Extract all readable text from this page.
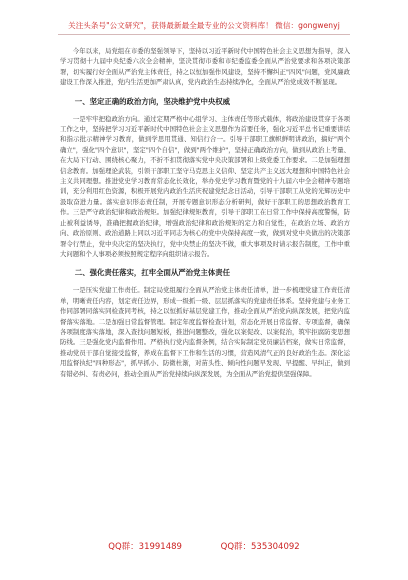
关注头条号"公文研究"，获得最新最全最专业的公文资料库！ 微信：gongwenyj

今年以来，局党组在市委的坚强领导下，坚持以习近平新时代中国特色社会主义思想为指导，深入学习贯彻十九届中央纪委六次全会精神，坚决贯彻市委和市纪委监委全面从严治党要求和各项决策部署，切实履行好全面从严治党主体责任，持之以恒加强作风建设，坚持不懈纠正"四风"问题，党风廉政建设工作深入推进，党内生活更加严肃认真，党内政治生态持续净化，全面从严治党成效不断显现。

一、坚定正确的政治方向，坚决维护党中央权威

一是牢牢把稳政治方向。通过定期严格中心组学习、主体责任等形式载体，将政治建设贯穿于各项工作之中，坚持把学习习近平新时代中国特色社会主义思想作为首要任务，强化习近平总书记重要讲话和指示批示精神学习教育，做到学思用贯通、知信行合一。引导干部职工旗帜鲜明讲政治，搞好"两个确立"，强化"四个意识"，坚定"四个自信"，做到"两个维护"，坚持正确政治方向，做到从政治上考量、在大局下行动、围绕核心聚力，不折不扣贯彻落实党中央决策部署和上级党委工作要求。二是加强理想信念教育。加强理论武装，引领干部职工坚守马克思主义信仰、坚定共产主义远大理想和中国特色社会主义共同理想。推进党史学习教育常态化长效化，举办党史学习教育暨党的十九届六中全会精神专题培训，充分利用红色资源，积极开展党内政治生活庆祝建党纪念日活动，引导干部职工从党的光辉历史中汲取奋进力量。落实意识形态责任制，开展专题意识形态分析研判，做好干部职工的思想政治教育工作。三是严守政治纪律和政治规矩。加强纪律规矩教育，引导干部职工在日常工作中保持高度警惕，防止被利益诱导，准确把握政治纪律，增强政治纪律和政治规矩的定力和自觉性，在政治立场、政治方向、政治原则、政治道路上同以习近平同志为核心的党中央保持高度一致，做到对党中央做出的决策部署令行禁止，党中央决定的坚决执行，党中央禁止的坚决不做，重大事项及时请示报告制度，工作中重大问题和个人事项必须按照规定程序向组织请示报告。

二、强化责任落实，扛牢全面从严治党主体责任

一是压实党建工作责任。制定局党组履行全面从严治党主体责任清单，进一步梳理党建工作责任清单，明晰责任内容，划定责任边界，形成一级抓一级、层层抓落实的党建责任体系。坚持党建与业务工作同部署同落实同检查同考核，持之以恒抓好基层党建工作，推动全面从严治党向纵深发展，把党内监督落实落地。二是加强日常监督管理。制定年度监督检查计划，常态化开展日常监督、专项监督，确保各项制度落实落地，深入查找问题短板，推进问题整改，强化以案促改、以案促治，筑牢拒腐防变思想防线。三是强化党内监督作用。严格执行党内监督条例，结合实际制定党员廉洁档案，做实日常监督，推动党员干部自觉接受监督，养成在监督下工作和生活的习惯，营造风清气正的良好政治生态。深化运用监督执纪"四种形态"，抓早抓小、防微杜渐，对苗头性、倾向性问题早发现、早提醒、早纠正，做到有错必纠、有责必问，推动全面从严治党持续向纵深发展，为全面从严治党提供坚强保障。

QQ群：31991489	QQ群：535304092
